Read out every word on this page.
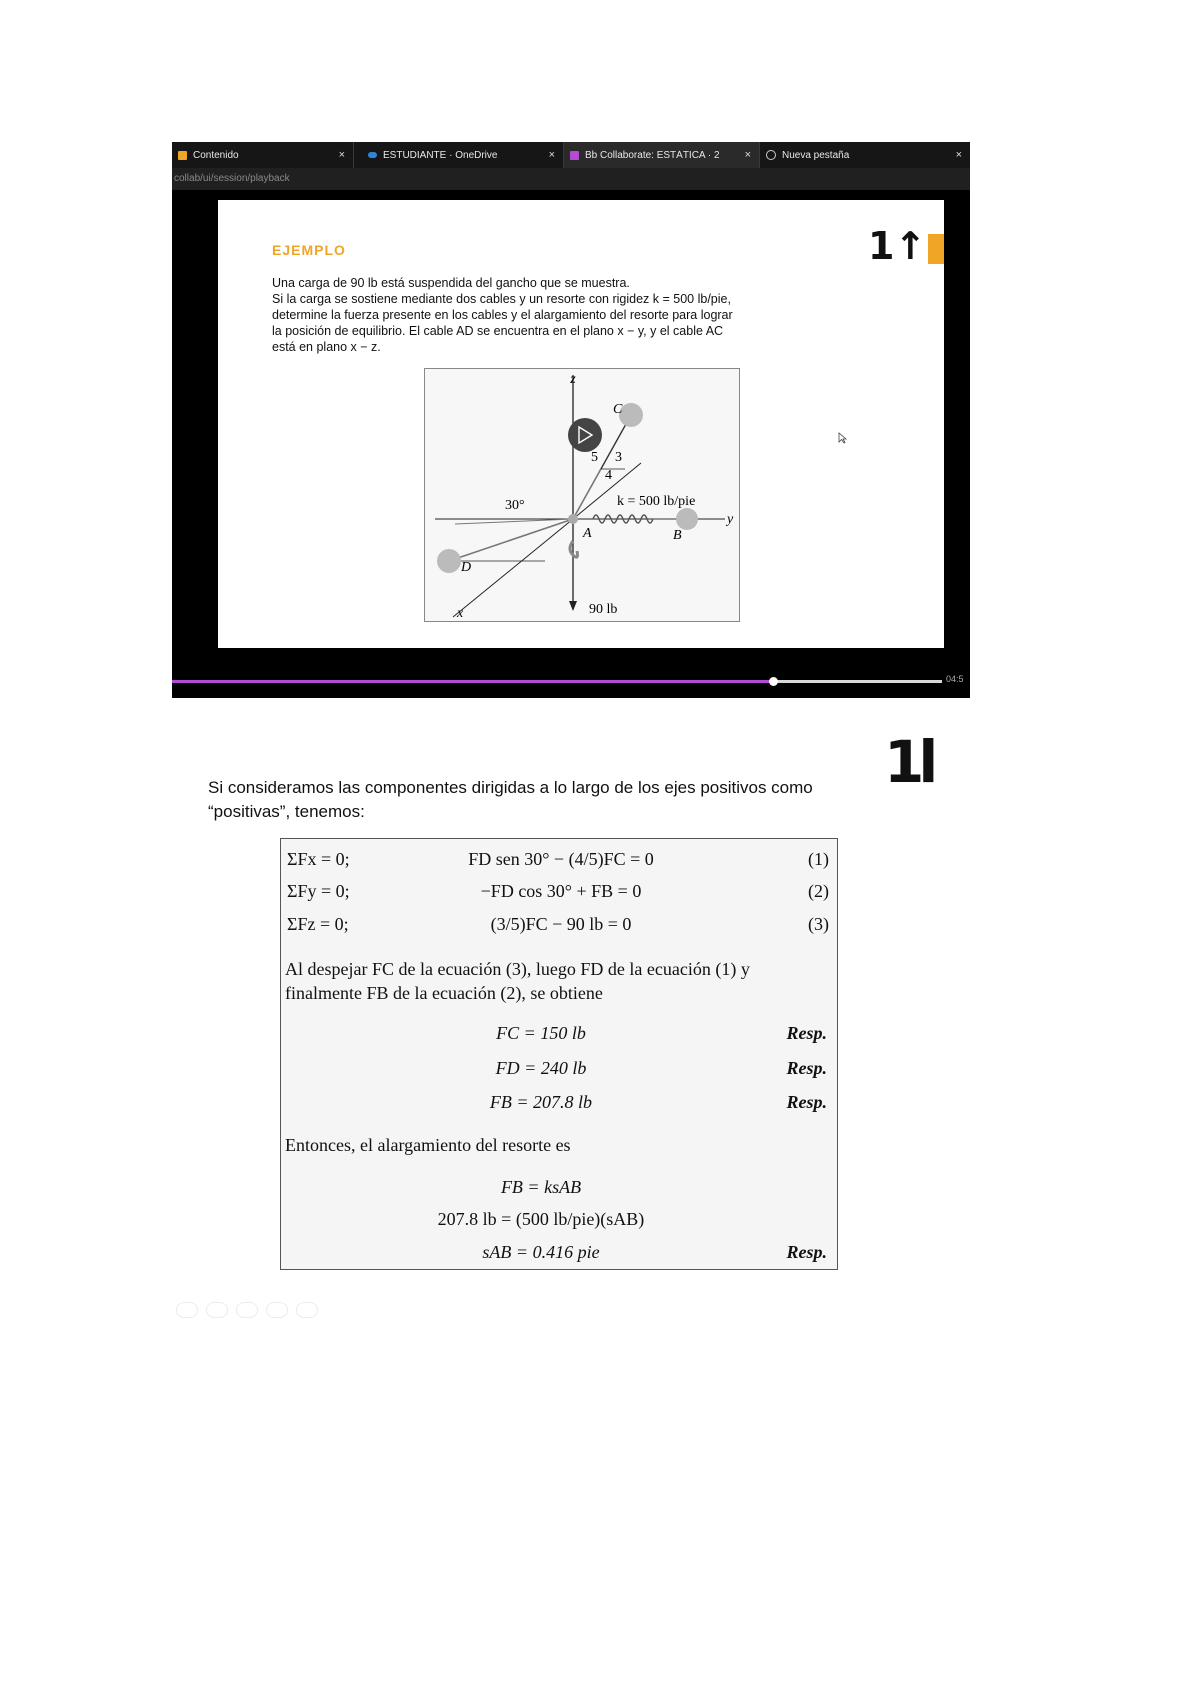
Contenido	×	ESTUDIANTE · OneDrive	×	Bb Collaborate: ESTÁTICA · 2	×	Nueva pestaña	×
collab/ui/session/playback
EJEMPLO	1↑

Una carga de 90 lb está suspendida del gancho que se muestra.

Si la carga se sostiene mediante dos cables y un resorte con rigidez k = 500 lb/pie,

determine la fuerza presente en los cables y el alargamiento del resorte para lograr

la posición de equilibrio. El cable AD se encuentra en el plano x − y, y el cable AC

está en plano x − z.

z
x
y
C
D
A	B
30°
5 3
4
k = 500 lb/pie
90 lb
04:5
1l
Si consideramos las componentes dirigidas a lo largo de los ejes positivos como “positivas”, tenemos:
ΣFx = 0;	FD sen 30° − (4/5)FC = 0	(1)
ΣFy = 0;	−FD cos 30° + FB = 0	(2)
ΣFz = 0;	(3/5)FC − 90 lb = 0	(3)
Al despejar FC de la ecuación (3), luego FD de la ecuación (1) y finalmente FB de la ecuación (2), se obtiene
FC = 150 lb	Resp.
FD = 240 lb	Resp.
FB = 207.8 lb	Resp.
Entonces, el alargamiento del resorte es
FB = ksAB
207.8 lb = (500 lb/pie)(sAB)
sAB = 0.416 pie	Resp.
